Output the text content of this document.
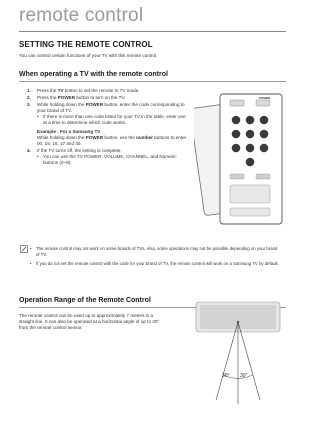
remote control
SETTING THE REMOTE CONTROL
You can control certain functions of your TV with this remote control.
When operating a TV with the remote control
1. Press the TV button to set the remote to TV mode.
2. Press the POWER button to turn on the TV.
3. While holding down the POWER button, enter the code corresponding to your brand of TV.
• If there is more than one code listed for your TV in the table, enter one at a time to determine which code works.
Example : For a Samsung TV
While holding down the POWER button, use the number buttons to enter 00, 15, 16, 17 and 40.
4. If the TV turns off, the setting is complete.
• You can use the TV POWER, VOLUME, CHANNEL, and Numeric buttons (0~9).
POWER
• The remote control may not work on some brands of TVs. Also, some operations may not be possible depending on your brand of TV.
• If you do not set the remote control with the code for your brand of TV, the remote control will work on a Samsung TV by default.
Operation Range of the Remote Control
The remote control can be used up to approximately 7 meters in a straight line. It can also be operated at a horizontal angle of up to 30° from the remote control sensor.
30° 30°
